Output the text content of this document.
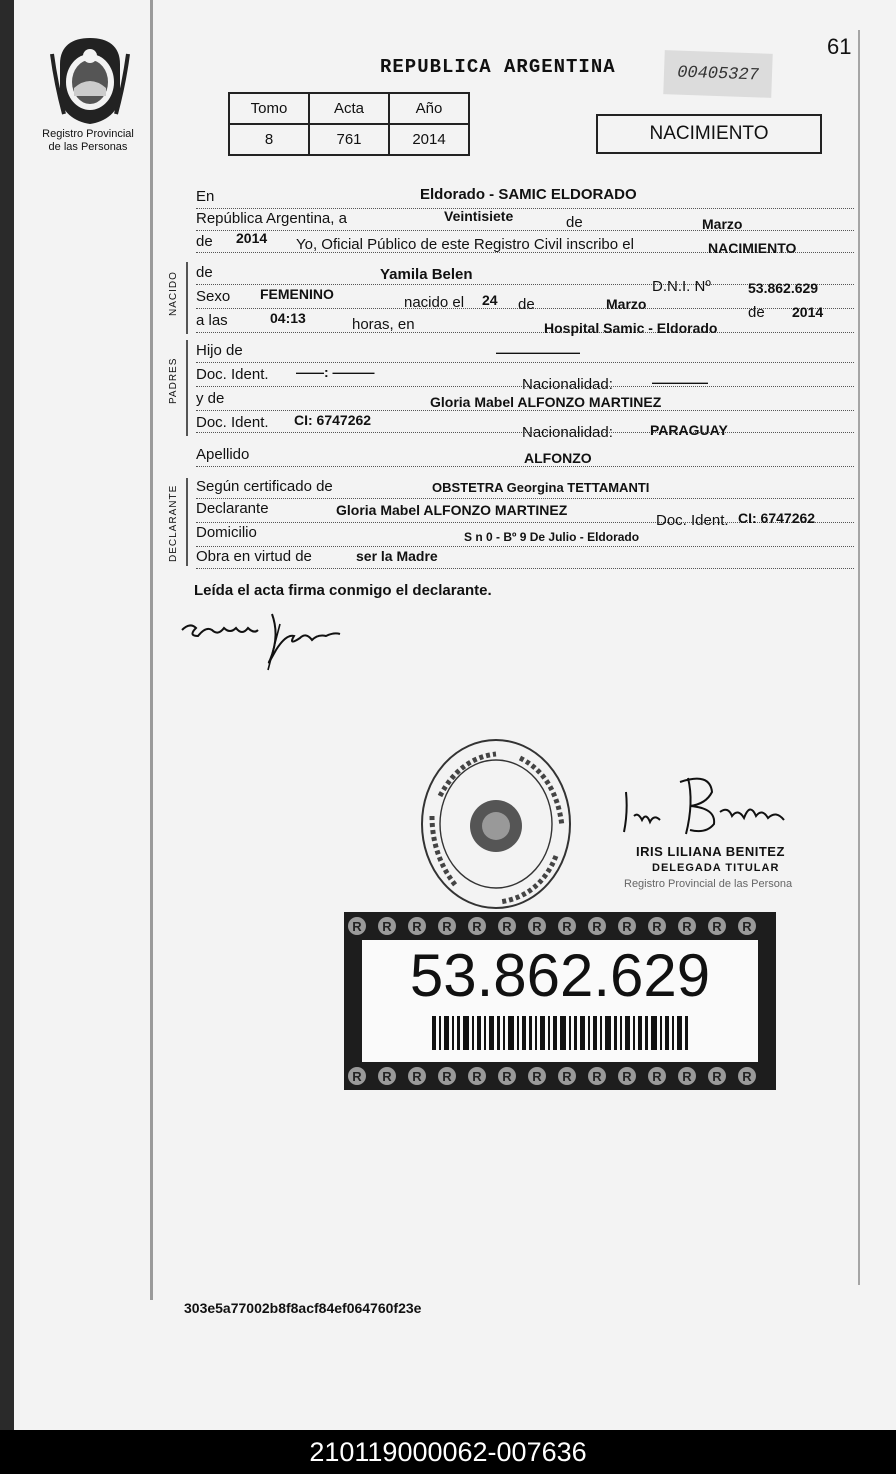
61
Registro Provincial
de las Personas
REPUBLICA ARGENTINA	00405327
Tomo	Acta	Año
8	761	2014	NACIMIENTO
En	Eldorado - SAMIC ELDORADO
República Argentina, a	Veintisiete	de	Marzo
de 2014 Yo, Oficial Público de este Registro Civil inscribo el	NACIMIENTO
NACIDO de	Yamila Belen
D.N.I. Nº	53.862.629
Sexo FEMENINO	nacido el 24 de	Marzo	de 2014
a las	04:13	horas, en	Hospital Samic - Eldorado
PADRES
Hijo de	——————
Doc. Ident. ——: ———
Nacionalidad:	————
y de	Gloria Mabel ALFONZO MARTINEZ
Doc. Ident. CI: 6747262
Nacionalidad:	PARAGUAY
Apellido	ALFONZO
DECLARANTE Según certificado de	OBSTETRA Georgina TETTAMANTI
Declarante	Gloria Mabel ALFONZO MARTINEZ
Doc. Ident. CI: 6747262
Domicilio	S n 0 - Bº 9 De Julio - Eldorado
Obra en virtud de	ser la Madre
Leída el acta firma conmigo el declarante.
IRIS LILIANA BENITEZ
DELEGADA TITULAR
Registro Provincial de las Persona
R	R	R	R	R	R	R	R	R	R	R	R	R	R
R	R	R	R	R	R	R	R	R	R	R	R	R	R
53.862.629
303e5a77002b8f8acf84ef064760f23e
210119000062-007636
